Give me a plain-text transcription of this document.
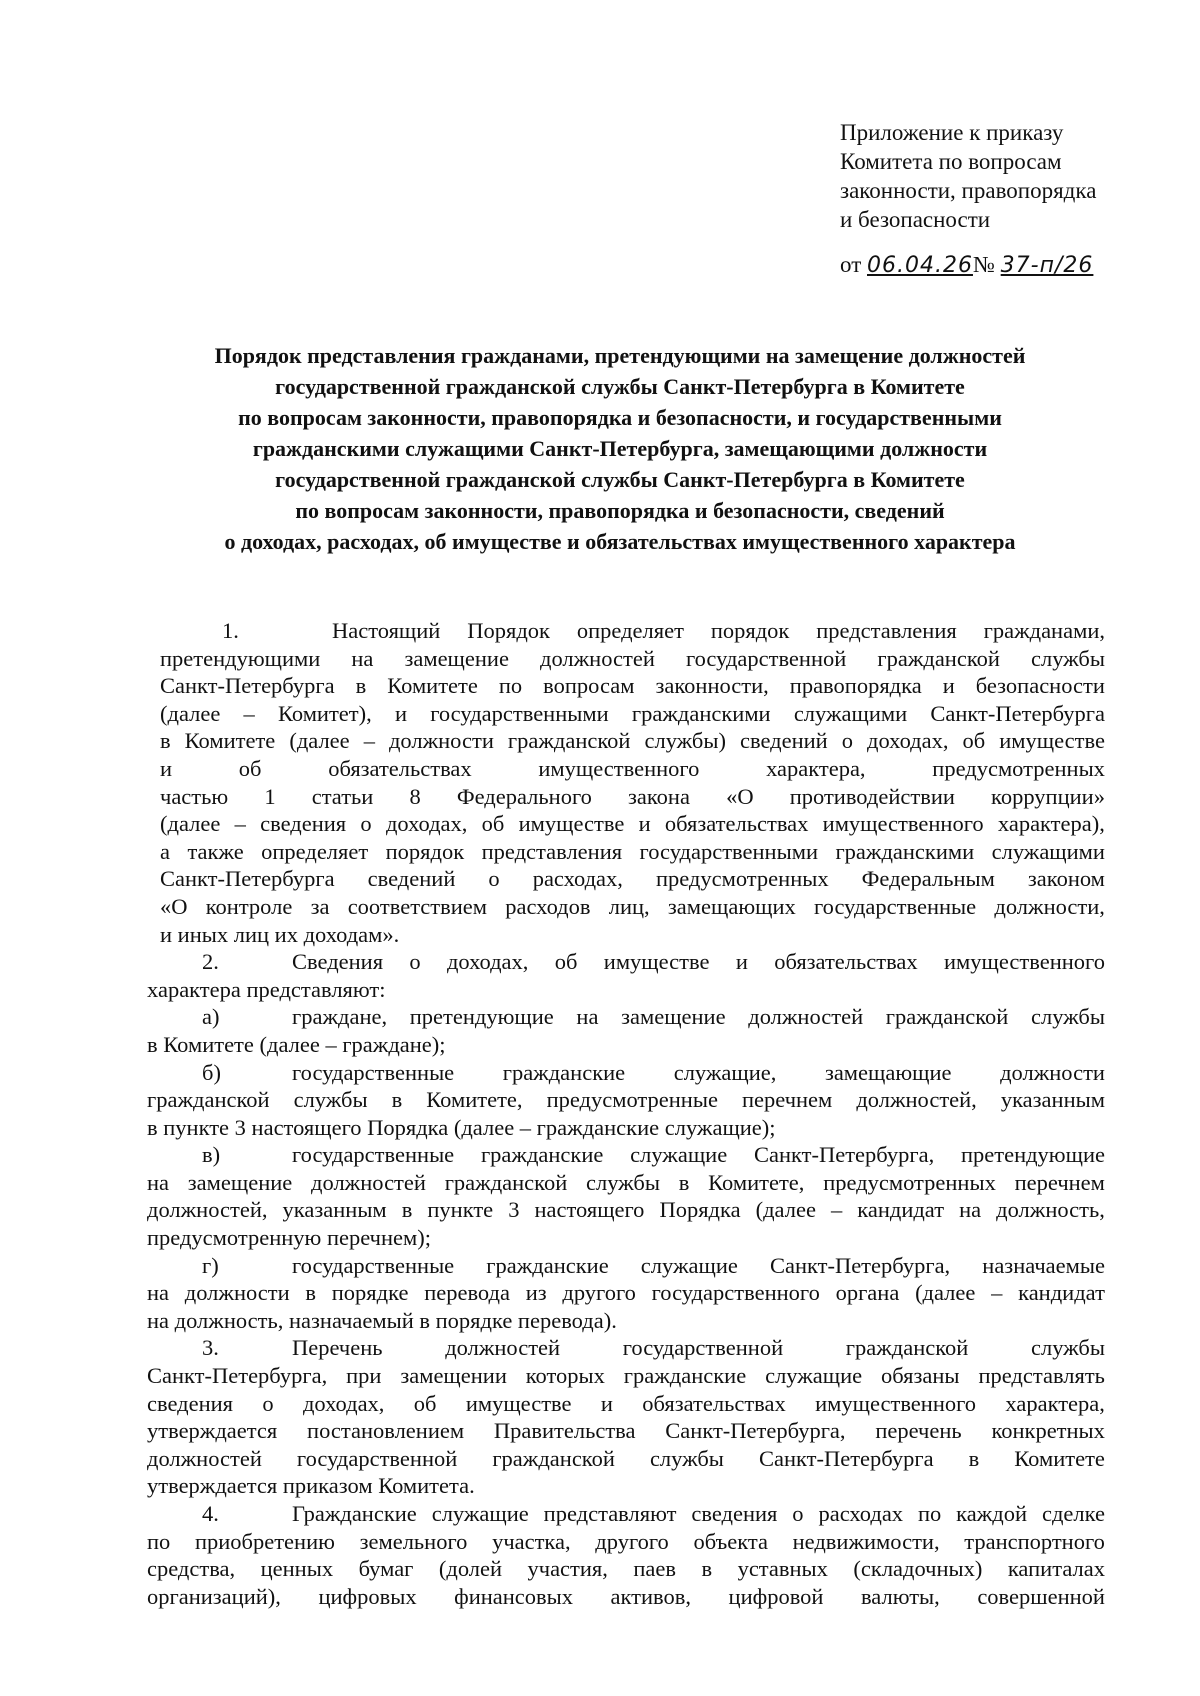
Приложение к приказу
Комитета по вопросам
законности, правопорядка
и безопасности
от 06.04.26№ 37-п/26
Порядок представления гражданами, претендующими на замещение должностей
государственной гражданской службы Санкт-Петербурга в Комитете
по вопросам законности, правопорядка и безопасности, и государственными
гражданскими служащими Санкт-Петербурга, замещающими должности
государственной гражданской службы Санкт-Петербурга в Комитете
по вопросам законности, правопорядка и безопасности, сведений
о доходах, расходах, об имуществе и обязательствах имущественного характера
1.	Настоящий Порядок определяет порядок представления гражданами,
претендующими на замещение должностей государственной гражданской службы
Санкт-Петербурга в Комитете по вопросам законности, правопорядка и безопасности
(далее – Комитет), и государственными гражданскими служащими Санкт-Петербурга
в Комитете (далее – должности гражданской службы) сведений о доходах, об имуществе
и	об	обязательствах	имущественного	характера,	предусмотренных
частью 1 статьи 8 Федерального закона «О противодействии коррупции»
(далее – сведения о доходах, об имуществе и обязательствах имущественного характера),
а также определяет порядок представления государственными гражданскими служащими
Санкт-Петербурга сведений о расходах, предусмотренных Федеральным законом
«О контроле за соответствием расходов лиц, замещающих государственные должности,
и иных лиц их доходам».
2.	Сведения о доходах, об имуществе и обязательствах имущественного
характера представляют:
а)	граждане, претендующие на замещение должностей гражданской службы
в Комитете (далее – граждане);
б)	государственные гражданские служащие, замещающие должности
гражданской службы в Комитете, предусмотренные перечнем должностей, указанным
в пункте 3 настоящего Порядка (далее – гражданские служащие);
в)	государственные гражданские служащие Санкт-Петербурга, претендующие
на замещение должностей гражданской службы в Комитете, предусмотренных перечнем
должностей, указанным в пункте 3 настоящего Порядка (далее – кандидат на должность,
предусмотренную перечнем);
г)	государственные гражданские служащие Санкт-Петербурга, назначаемые
на должности в порядке перевода из другого государственного органа (далее – кандидат
на должность, назначаемый в порядке перевода).
3.	Перечень	должностей	государственной	гражданской	службы
Санкт-Петербурга, при замещении которых гражданские служащие обязаны представлять
сведения о доходах, об имуществе и обязательствах имущественного характера,
утверждается постановлением Правительства Санкт-Петербурга, перечень конкретных
должностей государственной гражданской службы Санкт-Петербурга в Комитете
утверждается приказом Комитета.
4.	Гражданские служащие представляют сведения о расходах по каждой сделке
по приобретению земельного участка, другого объекта недвижимости, транспортного
средства, ценных бумаг (долей участия, паев в уставных (складочных) капиталах
организаций), цифровых финансовых активов, цифровой валюты, совершенной
